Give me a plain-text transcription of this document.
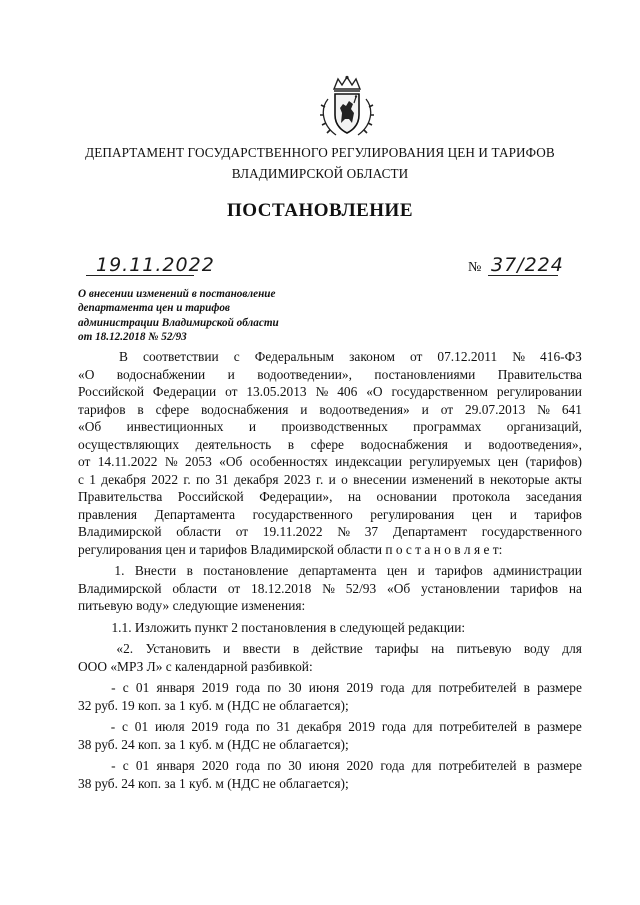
ДЕПАРТАМЕНТ ГОСУДАРСТВЕННОГО РЕГУЛИРОВАНИЯ ЦЕН И ТАРИФОВ
ВЛАДИМИРСКОЙ ОБЛАСТИ
ПОСТАНОВЛЕНИЕ
19.11.2022	№ 37/224
О внесении изменений в постановление
департамента цен и тарифов
администрации Владимирской области
от 18.12.2018 № 52/93
В соответствии с Федеральным законом от 07.12.2011 № 416-ФЗ
«О водоснабжении и водоотведении», постановлениями Правительства
Российской Федерации от 13.05.2013 № 406 «О государственном регулировании
тарифов в сфере водоснабжения и водоотведения» и от 29.07.2013 № 641
«Об инвестиционных и производственных программах организаций,
осуществляющих деятельность в сфере водоснабжения и водоотведения»,
от 14.11.2022 № 2053 «Об особенностях индексации регулируемых цен (тарифов)
с 1 декабря 2022 г. по 31 декабря 2023 г. и о внесении изменений в некоторые акты
Правительства Российской Федерации», на основании протокола заседания
правления Департамента государственного регулирования цен и тарифов
Владимирской области от 19.11.2022 № 37 Департамент государственного
регулирования цен и тарифов Владимирской области п о с т а н о в л я е т:
1. Внести в постановление департамента цен и тарифов администрации
Владимирской области от 18.12.2018 № 52/93 «Об установлении тарифов на
питьевую воду» следующие изменения:
1.1. Изложить пункт 2 постановления в следующей редакции:
«2. Установить и ввести в действие тарифы на питьевую воду для
ООО «МРЗ Л» с календарной разбивкой:
- с 01 января 2019 года по 30 июня 2019 года для потребителей в размере
32 руб. 19 коп. за 1 куб. м (НДС не облагается);
- с 01 июля 2019 года по 31 декабря 2019 года для потребителей в размере
38 руб. 24 коп. за 1 куб. м (НДС не облагается);
- с 01 января 2020 года по 30 июня 2020 года для потребителей в размере
38 руб. 24 коп. за 1 куб. м (НДС не облагается);
